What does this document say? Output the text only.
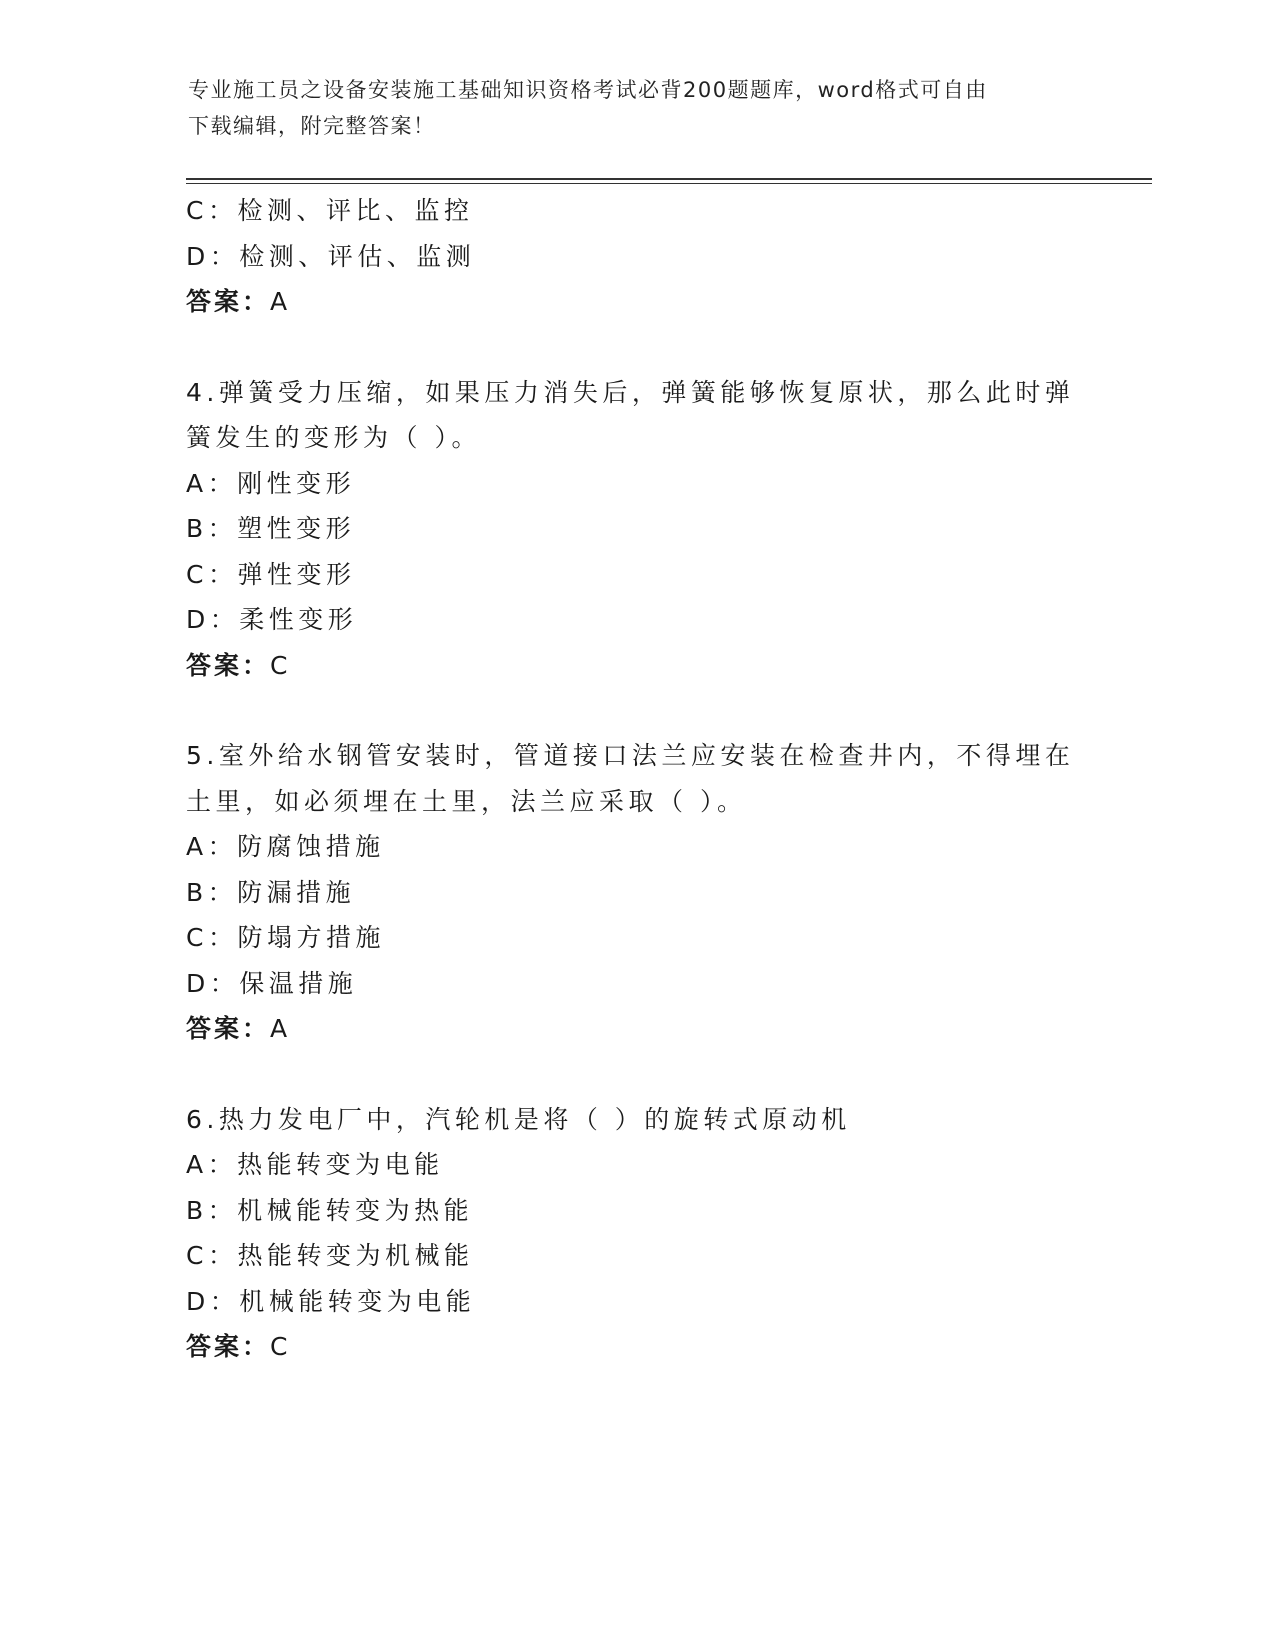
专业施工员之设备安装施工基础知识资格考试必背200题题库，word格式可自由
下载编辑，附完整答案！
C：检测、评比、监控
D：检测、评估、监测
答案：A
4.弹簧受力压缩，如果压力消失后，弹簧能够恢复原状，那么此时弹
簧发生的变形为（ ）。
A：刚性变形
B：塑性变形
C：弹性变形
D：柔性变形
答案：C
5.室外给水钢管安装时，管道接口法兰应安装在检查井内，不得埋在
土里，如必须埋在土里，法兰应采取（ ）。
A：防腐蚀措施
B：防漏措施
C：防塌方措施
D：保温措施
答案：A
6.热力发电厂中，汽轮机是将（ ）的旋转式原动机
A：热能转变为电能
B：机械能转变为热能
C：热能转变为机械能
D：机械能转变为电能
答案：C
